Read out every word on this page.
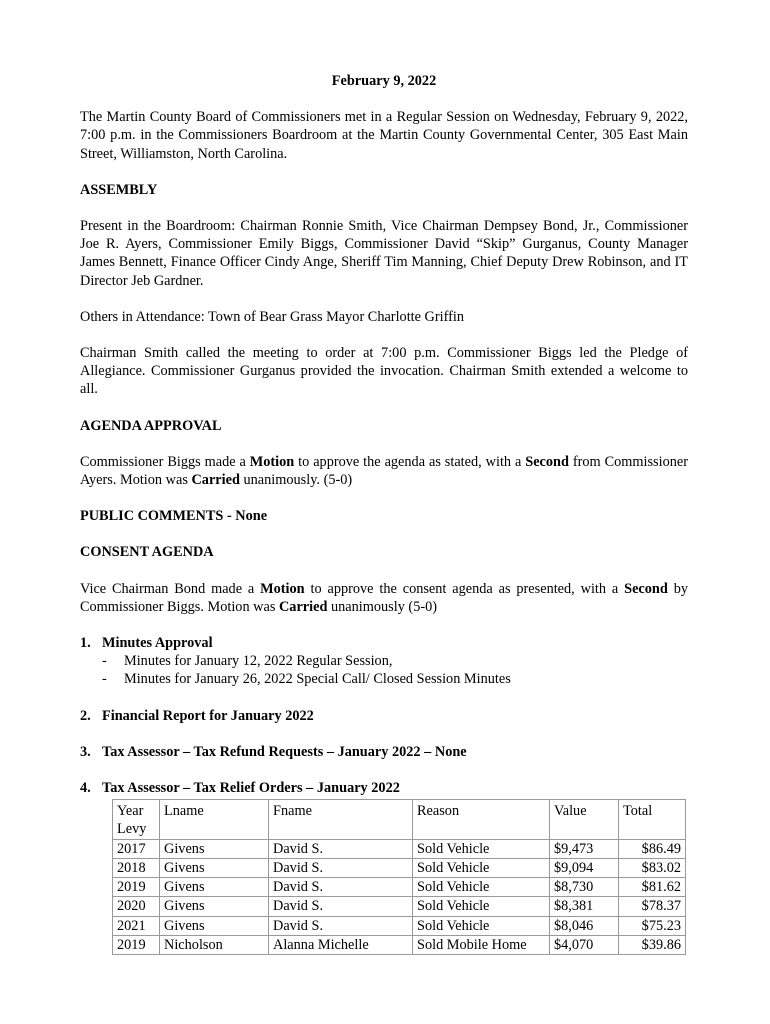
February 9, 2022

The Martin County Board of Commissioners met in a Regular Session on Wednesday, February 9, 2022, 7:00 p.m. in the Commissioners Boardroom at the Martin County Governmental Center, 305 East Main Street, Williamston, North Carolina.

ASSEMBLY

Present in the Boardroom: Chairman Ronnie Smith, Vice Chairman Dempsey Bond, Jr., Commissioner Joe R. Ayers, Commissioner Emily Biggs, Commissioner David “Skip” Gurganus, County Manager James Bennett, Finance Officer Cindy Ange, Sheriff Tim Manning, Chief Deputy Drew Robinson, and IT Director Jeb Gardner.

Others in Attendance: Town of Bear Grass Mayor Charlotte Griffin

Chairman Smith called the meeting to order at 7:00 p.m. Commissioner Biggs led the Pledge of Allegiance. Commissioner Gurganus provided the invocation. Chairman Smith extended a welcome to all.

AGENDA APPROVAL

Commissioner Biggs made a Motion to approve the agenda as stated, with a Second from Commissioner Ayers. Motion was Carried unanimously. (5-0)

PUBLIC COMMENTS - None
CONSENT AGENDA

Vice Chairman Bond made a Motion to approve the consent agenda as presented, with a Second by Commissioner Biggs. Motion was Carried unanimously (5-0)

1. Minutes Approval
- Minutes for January 12, 2022 Regular Session,
- Minutes for January 26, 2022 Special Call/ Closed Session Minutes
2. Financial Report for January 2022
3. Tax Assessor – Tax Refund Requests – January 2022 – None
4. Tax Assessor – Tax Relief Orders – January 2022
Year Levy	Lname	Fname	Reason	Value	Total
2017	Givens	David S.	Sold Vehicle	$9,473	$86.49
2018	Givens	David S.	Sold Vehicle	$9,094	$83.02
2019	Givens	David S.	Sold Vehicle	$8,730	$81.62
2020	Givens	David S.	Sold Vehicle	$8,381	$78.37
2021	Givens	David S.	Sold Vehicle	$8,046	$75.23
2019	Nicholson	Alanna Michelle	Sold Mobile Home	$4,070	$39.86
